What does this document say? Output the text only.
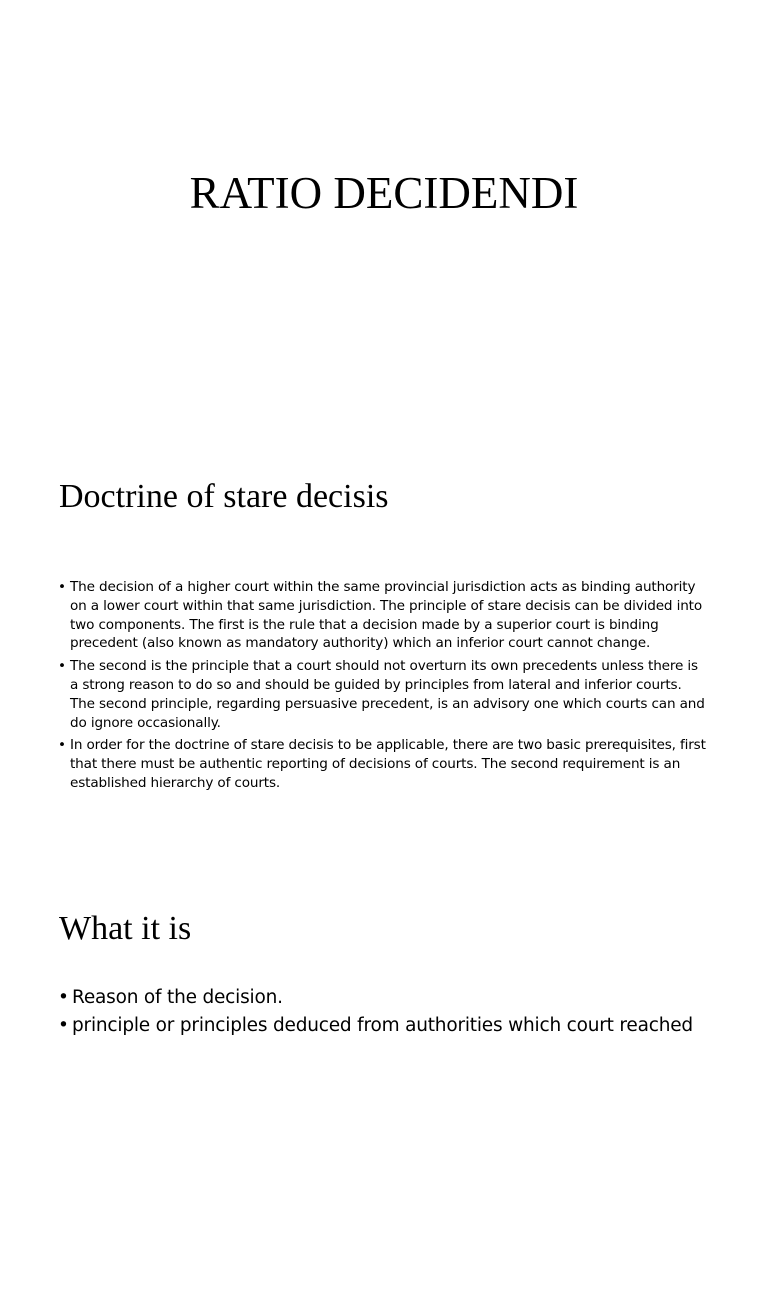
RATIO DECIDENDI
Doctrine of stare decisis
• The decision of a higher court within the same provincial jurisdiction acts as binding authority on a lower court within that same jurisdiction. The principle of stare decisis can be divided into two components. The first is the rule that a decision made by a superior court is binding precedent (also known as mandatory authority) which an inferior court cannot change.
• The second is the principle that a court should not overturn its own precedents unless there is a strong reason to do so and should be guided by principles from lateral and inferior courts. The second principle, regarding persuasive precedent, is an advisory one which courts can and do ignore occasionally.
• In order for the doctrine of stare decisis to be applicable, there are two basic prerequisites, first that there must be authentic reporting of decisions of courts. The second requirement is an established hierarchy of courts.
What it is
• Reason of the decision.
• principle or principles deduced from authorities which court reached
